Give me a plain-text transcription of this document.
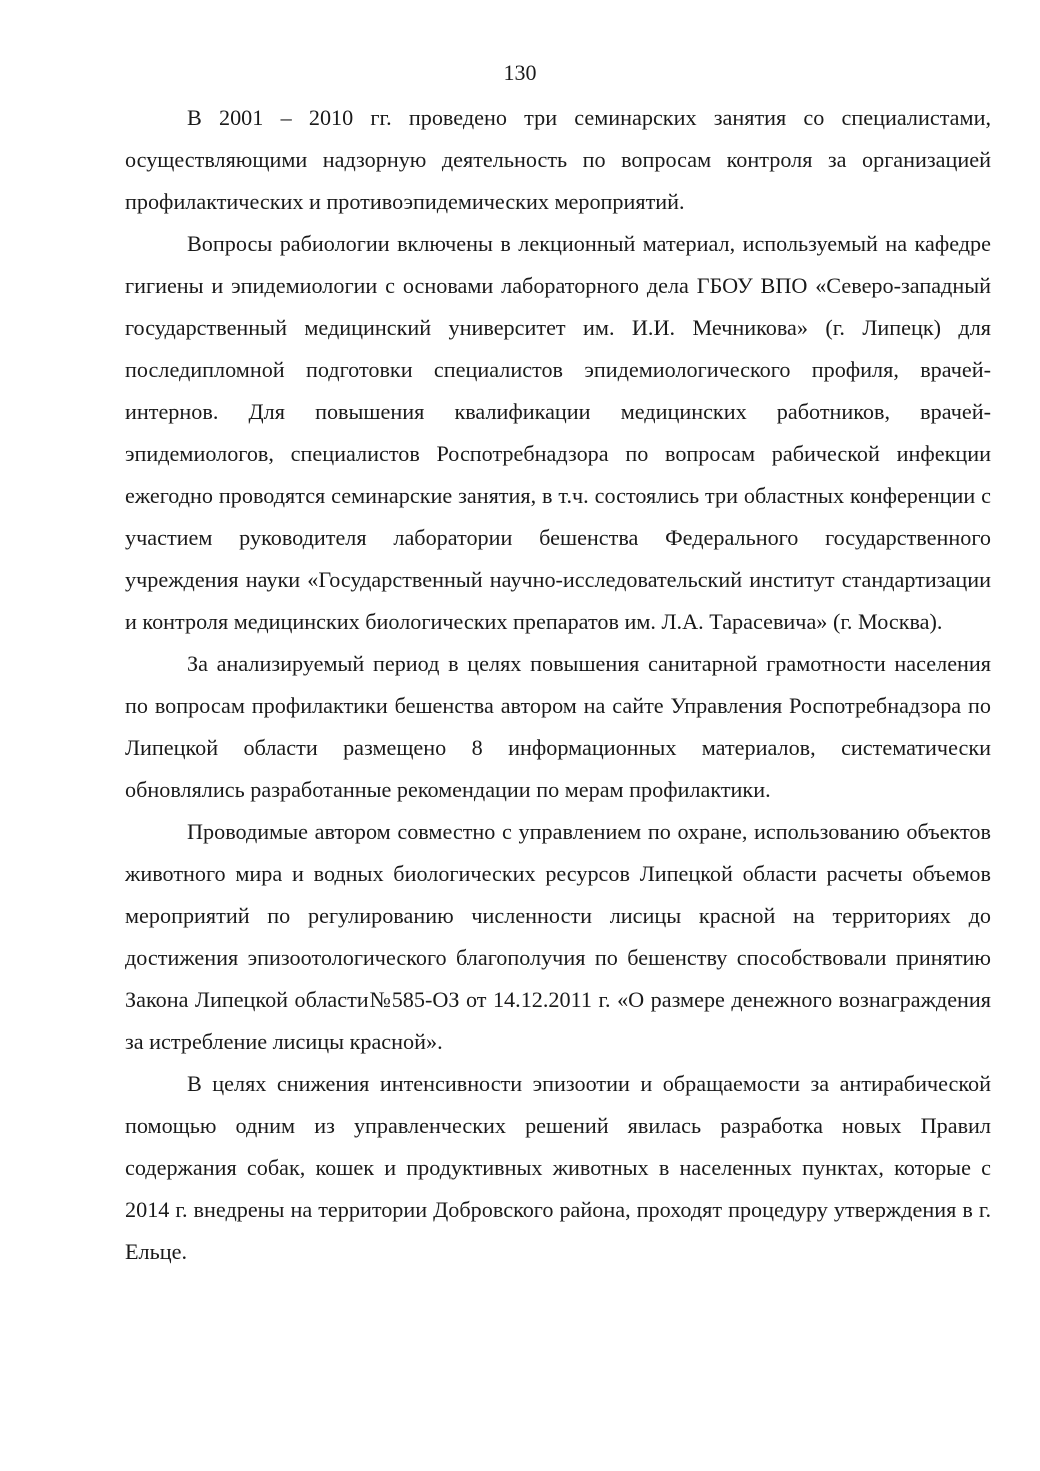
130

В 2001 – 2010 гг. проведено три семинарских занятия со специалистами, осуществляющими надзорную деятельность по вопросам контроля за организацией профилактических и противоэпидемических мероприятий.

Вопросы рабиологии включены в лекционный материал, используемый на кафедре гигиены и эпидемиологии с основами лабораторного дела ГБОУ ВПО «Северо-западный государственный медицинский университет им. И.И. Мечникова» (г. Липецк) для последипломной подготовки специалистов эпидемиологического профиля, врачей-интернов. Для повышения квалификации медицинских работников, врачей-эпидемиологов, специалистов Роспотребнадзора по вопросам рабической инфекции ежегодно проводятся семинарские занятия, в т.ч. состоялись три областных конференции с участием руководителя лаборатории бешенства Федерального государственного учреждения науки «Государственный научно-исследовательский институт стандартизации и контроля медицинских биологических препаратов им. Л.А. Тарасевича» (г. Москва).

За анализируемый период в целях повышения санитарной грамотности населения по вопросам профилактики бешенства автором на сайте Управления Роспотребнадзора по Липецкой области размещено 8 информационных материалов, систематически обновлялись разработанные рекомендации по мерам профилактики.

Проводимые автором совместно с управлением по охране, использованию объектов животного мира и водных биологических ресурсов Липецкой области расчеты объемов мероприятий по регулированию численности лисицы красной на территориях до достижения эпизоотологического благополучия по бешенству способствовали принятию Закона Липецкой области№585-ОЗ от 14.12.2011 г. «О размере денежного вознаграждения за истребление лисицы красной».

В целях снижения интенсивности эпизоотии и обращаемости за антирабической помощью одним из управленческих решений явилась разработка новых Правил содержания собак, кошек и продуктивных животных в населенных пунктах, которые с 2014 г. внедрены на территории Добровского района, проходят процедуру утверждения в г. Ельце.
